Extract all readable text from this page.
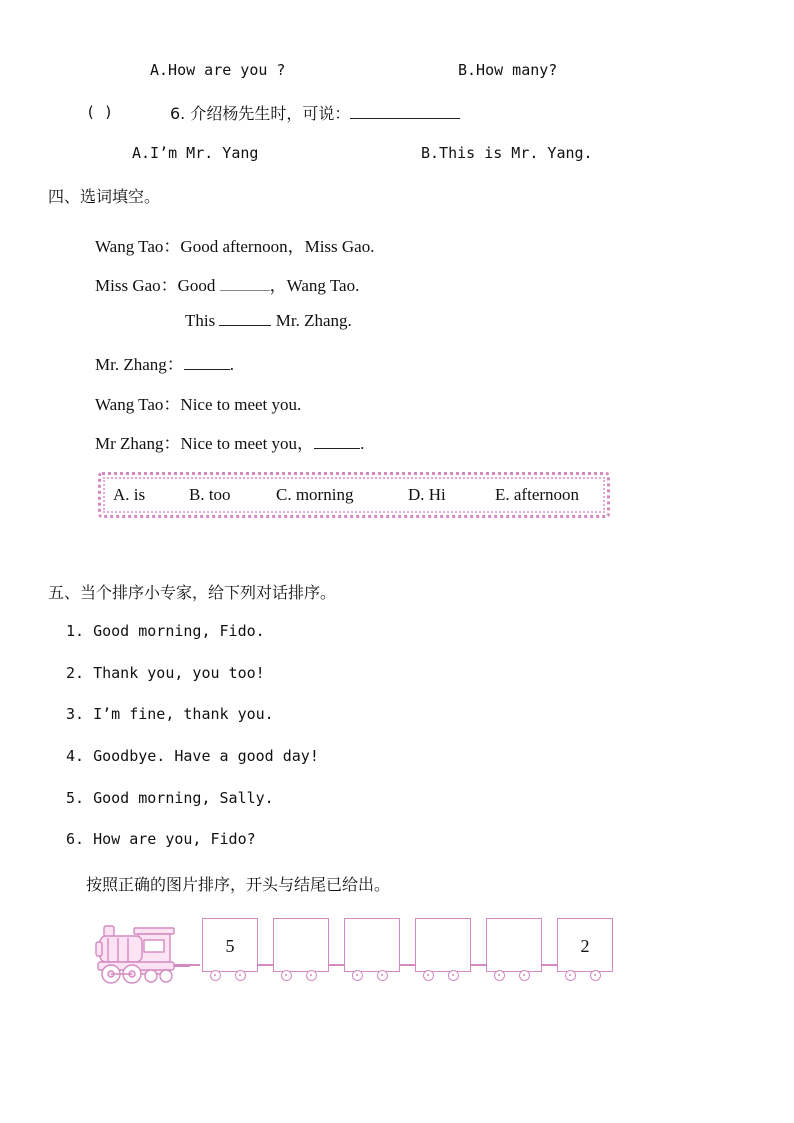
A.How are you ?	B.How many?
( )	6. 介绍杨先生时，可说：
A.I’m Mr. Yang	B.This is Mr. Yang.
四、选词填空。
Wang Tao：Good afternoon，Miss Gao.
Miss Gao：Good	，Wang Tao.
This	Mr. Zhang.
Mr. Zhang：	.
Wang Tao：Nice to meet you.
Mr Zhang：Nice to meet you，	.
A. is	B. too	C. morning	D. Hi	E. afternoon
五、当个排序小专家，给下列对话排序。
1. Good morning, Fido.
2. Thank you, you too!
3. I’m fine, thank you.
4. Goodbye. Have a good day!
5. Good morning, Sally.
6. How are you, Fido?
按照正确的图片排序，开头与结尾已给出。
5	2
